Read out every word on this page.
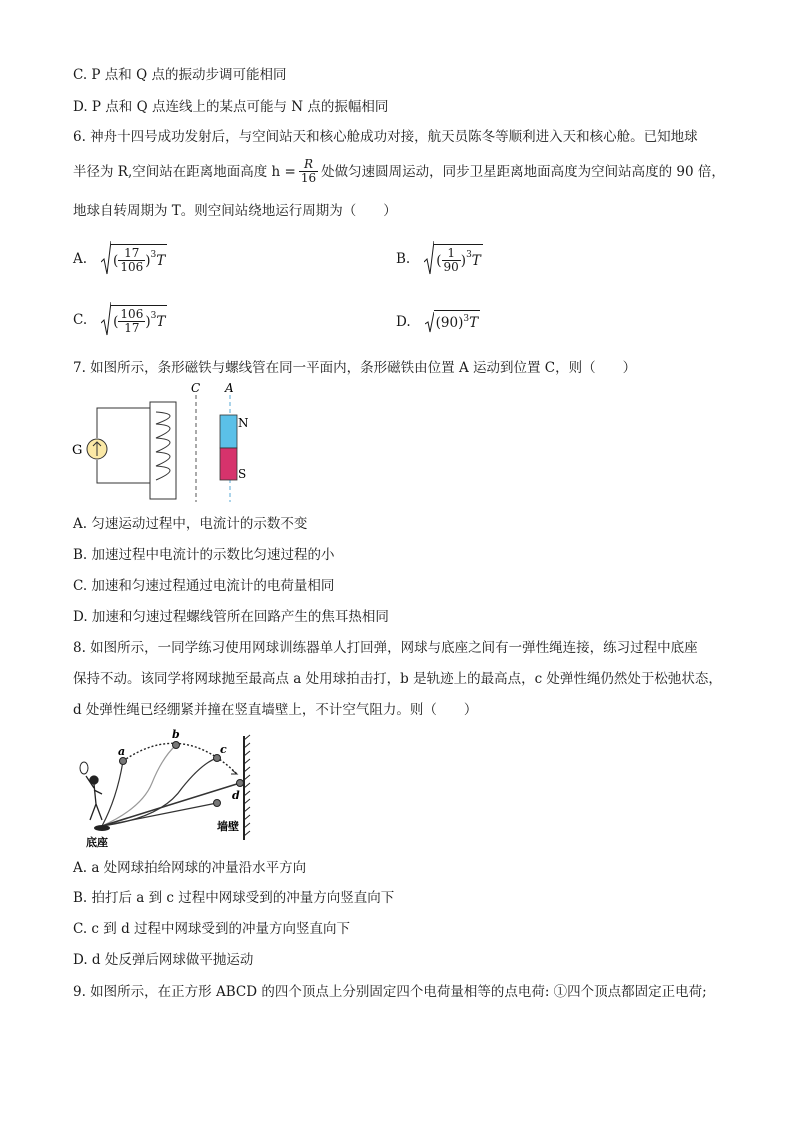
C. P 点和 Q 点的振动步调可能相同
D. P 点和 Q 点连线上的某点可能与 N 点的振幅相同
6. 神舟十四号成功发射后，与空间站天和核心舱成功对接，航天员陈冬等顺利进入天和核心舱。已知地球
半径为 R,空间站在距离地面高度 $h = \frac{R}{16}$ 处做匀速圆周运动，同步卫星距离地面高度为空间站高度的 90 倍，
地球自转周期为 T。则空间站绕地运行周期为（　　）
A. ( $\frac{17}{106} )^3$ T	B. ( $\frac{1}{90} )^3$ T
C. ( $\frac{106}{17} )^3$ T	D. $(90)^3$ T
7. 如图所示，条形磁铁与螺线管在同一平面内，条形磁铁由位置 A 运动到位置 C，则（　　）
G
C A
N
S
A. 匀速运动过程中，电流计的示数不变
B. 加速过程中电流计的示数比匀速过程的小
C. 加速和匀速过程通过电流计的电荷量相同
D. 加速和匀速过程螺线管所在回路产生的焦耳热相同
8. 如图所示，一同学练习使用网球训练器单人打回弹，网球与底座之间有一弹性绳连接，练习过程中底座
保持不动。该同学将网球抛至最高点 a 处用球拍击打，b 是轨迹上的最高点，c 处弹性绳仍然处于松弛状态，
d 处弹性绳已经绷紧并撞在竖直墙壁上，不计空气阻力。则（　　）
a
b
c
d
底座
墙壁
A. a 处网球拍给网球的冲量沿水平方向
B. 拍打后 a 到 c 过程中网球受到的冲量方向竖直向下
C. c 到 d 过程中网球受到的冲量方向竖直向下
D. d 处反弹后网球做平抛运动
9. 如图所示，在正方形 ABCD 的四个顶点上分别固定四个电荷量相等的点电荷: ①四个顶点都固定正电荷;
